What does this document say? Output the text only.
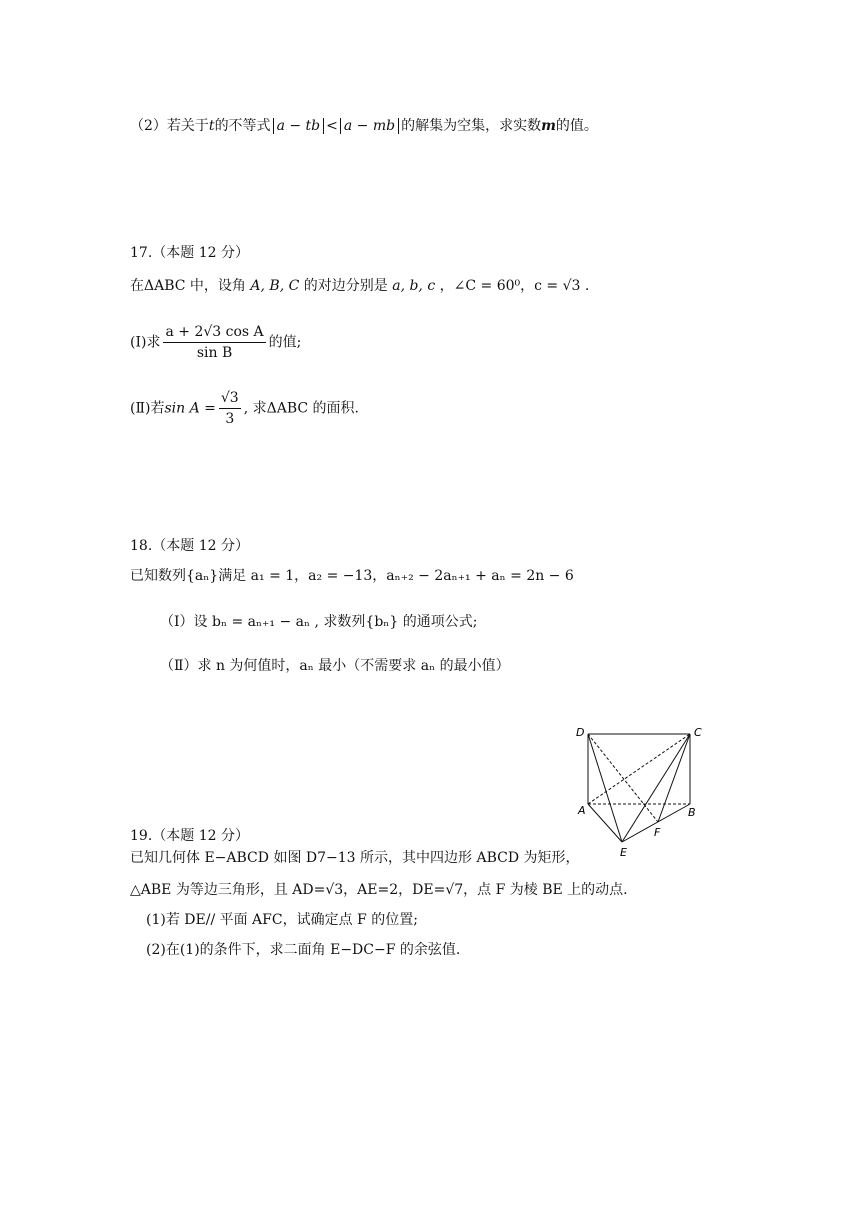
（2）若关于t的不等式 a − tb < a − mb 的解集为空集，求实数m的值。
17.（本题 12 分）
在ΔABC 中，设角 A, B, C 的对边分别是 a, b, c ，∠C = 60⁰，c = √3 .
(Ⅰ)求 $\frac{\text{a + 2√3 cos A}}{\text{sin B}}$ 的值;
(Ⅱ)若$\sin A = \frac{√3}{3}$ , 求ΔABC 的面积.
18.（本题 12 分）
已知数列{aₙ}满足 a₁ = 1，a₂ = −13，aₙ₊₂ − 2aₙ₊₁ + aₙ = 2n − 6
（Ⅰ）设 bₙ = aₙ₊₁ − aₙ , 求数列{bₙ} 的通项公式;
（Ⅱ）求 n 为何值时，aₙ 最小（不需要求 aₙ 的最小值）
D	C
A	B
E
F
19.（本题 12 分）
已知几何体 E−ABCD 如图 D7−13 所示，其中四边形 ABCD 为矩形，
△ABE 为等边三角形，且 AD=√3，AE=2，DE=√7，点 F 为棱 BE 上的动点.
(1)若 DE// 平面 AFC，试确定点 F 的位置;
(2)在(1)的条件下，求二面角 E−DC−F 的余弦值.
